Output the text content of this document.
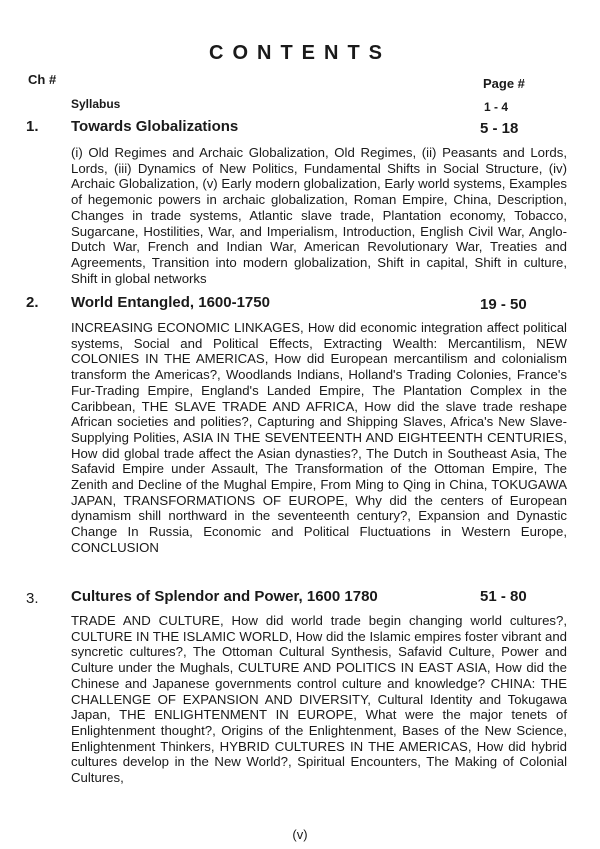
CONTENTS
Ch #	Page #
Syllabus	1 - 4
1. Towards Globalizations	5 - 18
(i) Old Regimes and Archaic Globalization, Old Regimes, (ii) Peasants and Lords, Lords, (iii) Dynamics of New Politics, Fundamental Shifts in Social Structure, (iv) Archaic Globalization, (v) Early modern globalization, Early world systems, Examples of hegemonic powers in archaic globalization, Roman Empire, China, Description, Changes in trade systems, Atlantic slave trade, Plantation economy, Tobacco, Sugarcane, Hostilities, War, and Imperialism, Introduction, English Civil War, Anglo-Dutch War, French and Indian War, American Revolutionary War, Treaties and Agreements, Transition into modern globalization, Shift in capital, Shift in culture, Shift in global networks
2. World Entangled, 1600-1750	19 - 50
INCREASING ECONOMIC LINKAGES, How did economic integration affect political systems, Social and Political Effects, Extracting Wealth: Mercantilism, NEW COLONIES IN THE AMERICAS, How did European mercantilism and colonialism transform the Americas?, Woodlands Indians, Holland's Trading Colonies, France's Fur-Trading Empire, England's Landed Empire, The Plantation Complex in the Caribbean, THE SLAVE TRADE AND AFRICA, How did the slave trade reshape African societies and polities?, Capturing and Shipping Slaves, Africa's New Slave-Supplying Polities, ASIA IN THE SEVENTEENTH AND EIGHTEENTH CENTURIES, How did global trade affect the Asian dynasties?, The Dutch in Southeast Asia, The Safavid Empire under Assault, The Transformation of the Ottoman Empire, The Zenith and Decline of the Mughal Empire, From Ming to Qing in China, TOKUGAWA JAPAN, TRANSFORMATIONS OF EUROPE, Why did the centers of European dynamism shill northward in the seventeenth century?, Expansion and Dynastic Change In Russia, Economic and Political Fluctuations in Western Europe, CONCLUSION
3. Cultures of Splendor and Power, 1600 1780	51 - 80
TRADE AND CULTURE, How did world trade begin changing world cultures?, CULTURE IN THE ISLAMIC WORLD, How did the Islamic empires foster vibrant and syncretic cultures?, The Ottoman Cultural Synthesis, Safavid Culture, Power and Culture under the Mughals, CULTURE AND POLITICS IN EAST ASIA, How did the Chinese and Japanese governments control culture and knowledge? CHINA: THE CHALLENGE OF EXPANSION AND DIVERSITY, Cultural Identity and Tokugawa Japan, THE ENLIGHTENMENT IN EUROPE, What were the major tenets of Enlightenment thought?, Origins of the Enlightenment, Bases of the New Science, Enlightenment Thinkers, HYBRID CULTURES IN THE AMERICAS, How did hybrid cultures develop in the New World?, Spiritual Encounters, The Making of Colonial Cultures,
(v)
